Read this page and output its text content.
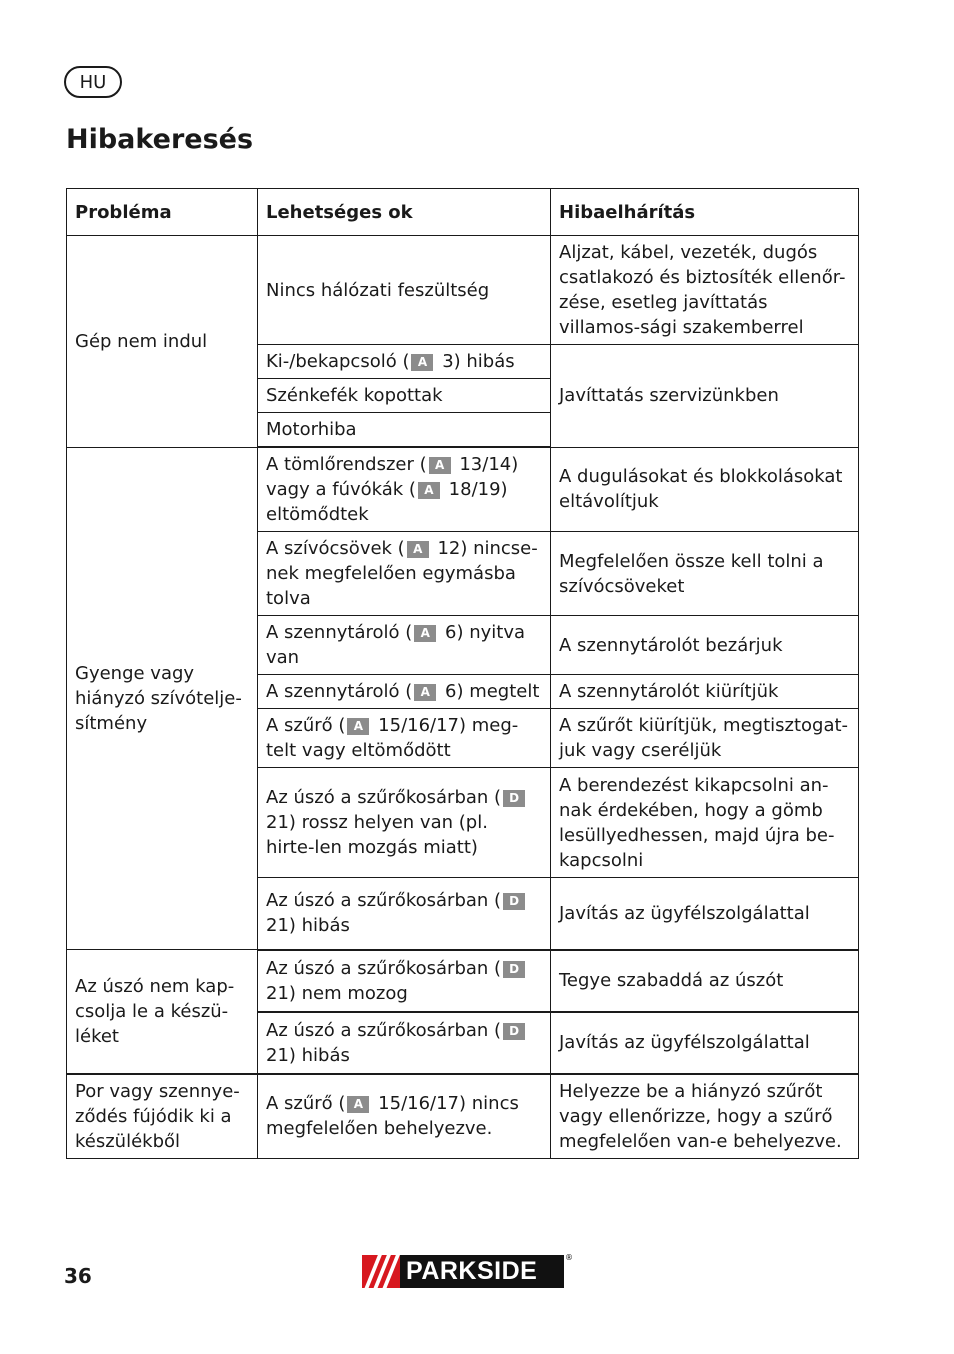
HU
Hibakeresés
Probléma	Lehetséges ok	Hibaelhárítás
Gép nem indul	Nincs hálózati feszültség	Aljzat, kábel, vezeték, dugós csatlakozó és biztosíték ellenőr-zése, esetleg javíttatás villamos-sági szakemberrel
	Ki-/bekapcsoló ( A 3) hibás	Javíttatás szervizünkben
	Szénkefék kopottak	
	Motorhiba	
Gyenge vagy hiányzó szívótelje-sítmény	A tömlőrendszer ( A 13/14) vagy a fúvókák ( A 18/19) eltömődtek	A dugulásokat és blokkolásokat eltávolítjuk
	A szívócsövek ( A 12) nincse-nek megfelelően egymásba tolva	Megfelelően össze kell tolni a szívócsöveket
	A szennytároló ( A 6) nyitva van	A szennytárolót bezárjuk
	A szennytároló ( A 6) megtelt	A szennytárolót kiürítjük
	A szűrő ( A 15/16/17) meg-telt vagy eltömődött	A szűrőt kiürítjük, megtisztogat-juk vagy cseréljük
	Az úszó a szűrőkosárban ( D 21) rossz helyen van (pl. hirte-len mozgás miatt)	A berendezést kikapcsolni an-nak érdekében, hogy a gömb lesüllyedhessen, majd újra be-kapcsolni
	Az úszó a szűrőkosárban ( D 21) hibás	Javítás az ügyfélszolgálattal
Az úszó nem kap-csolja le a készü-léket	Az úszó a szűrőkosárban ( D 21) nem mozog	Tegye szabaddá az úszót
	Az úszó a szűrőkosárban ( D 21) hibás	Javítás az ügyfélszolgálattal
Por vagy szennye-ződés fújódik ki a készülékből	A szűrő ( A 15/16/17) nincs megfelelően behelyezve.	Helyezze be a hiányzó szűrőt vagy ellenőrizze, hogy a szűrő megfelelően van-e behelyezve.
36	PARKSIDE	®
